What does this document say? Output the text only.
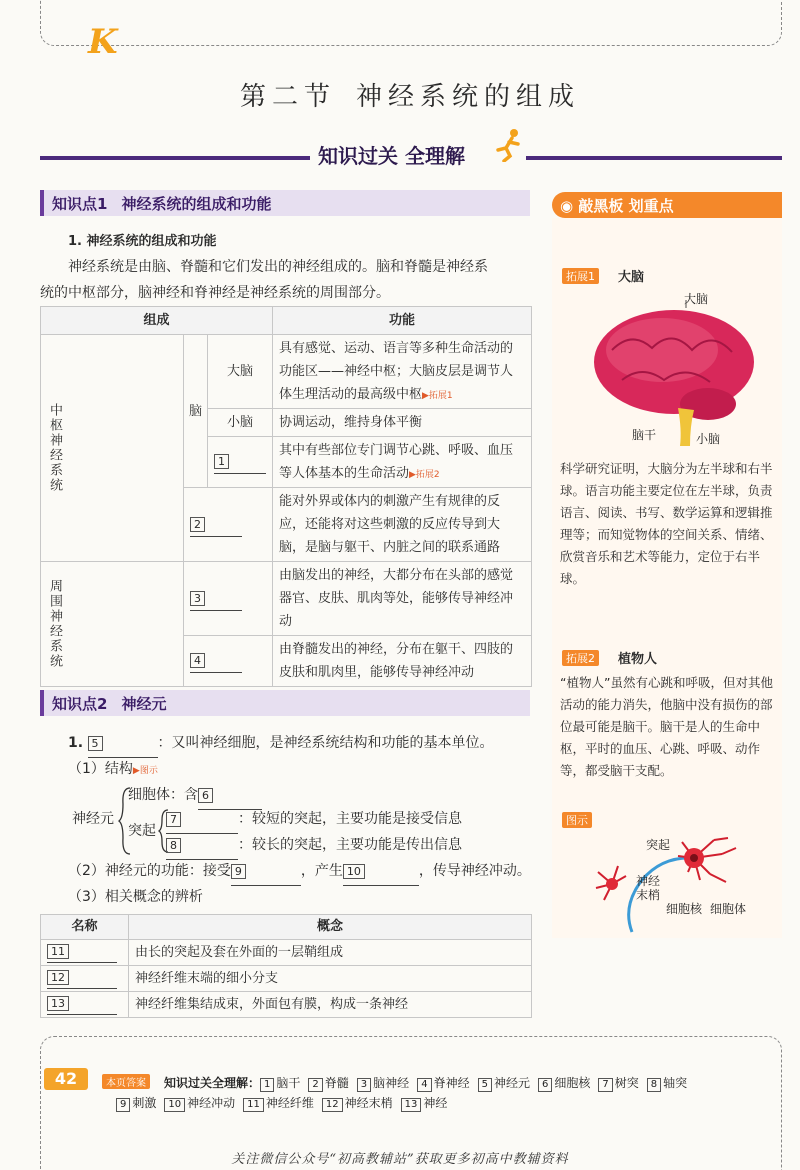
K
第二节 神经系统的组成
知识过关 全理解
知识点1 神经系统的组成和功能
1. 神经系统的组成和功能
神经系统是由脑、脊髓和它们发出的神经组成的。脑和脊髓是神经系
统的中枢部分，脑神经和脊神经是神经系统的周围部分。
组成			功能

中枢神经系统	脑	大脑	具有感觉、运动、语言等多种生命活动的功能区——神经中枢；大脑皮层是调节人体生理活动的最高级中枢▶拓展1
		小脑	协调运动，维持身体平衡
		1	其中有些部位专门调节心跳、呼吸、血压等人体基本的生命活动▶拓展2
	2		能对外界或体内的刺激产生有规律的反应，还能将对这些刺激的反应传导到大脑，是脑与躯干、内脏之间的联系通路

周围神经系统	3		由脑发出的神经，大都分布在头部的感觉器官、皮肤、肌肉等处，能够传导神经冲动
	4		由脊髓发出的神经，分布在躯干、四肢的皮肤和肌肉里，能够传导神经冲动
知识点2 神经元
1. 5	：又叫神经细胞，是神经系统结构和功能的基本单位。
（1）结构▶图示
神经元
细胞体：含 6
突起
7	：较短的突起，主要功能是接受信息
8	：较长的突起，主要功能是传出信息
（2）神经元的功能：接受 9	，产生 10	，传导神经冲动。
（3）相关概念的辨析
名称	概念
11	由长的突起及套在外面的一层鞘组成
12	神经纤维末端的细小分支
13	神经纤维集结成束，外面包有膜，构成一条神经
◉ 敲黑板 划重点
拓展1	大脑
大脑
脑干	小脑
科学研究证明，大脑分为左半球和右半球。语言功能主要定位在左半球，负责语言、阅读、书写、数学运算和逻辑推理等；而知觉物体的空间关系、情绪、欣赏音乐和艺术等能力，定位于右半球。
拓展2	植物人
“植物人”虽然有心跳和呼吸，但对其他活动的能力消失，他脑中没有损伤的部位最可能是脑干。脑干是人的生命中枢，平时的血压、心跳、呼吸、动作等，都受脑干支配。
图示
突起
神经末梢
细胞核 细胞体
42	本页答案	知识过关全理解： 1 脑干 2 脊髓 3 脑神经 4 脊神经 5 神经元 6 细胞核 7 树突 8 轴突
9 刺激 10 神经冲动 11 神经纤维 12 神经末梢 13 神经
关注微信公众号“初高教辅站”获取更多初高中教辅资料
